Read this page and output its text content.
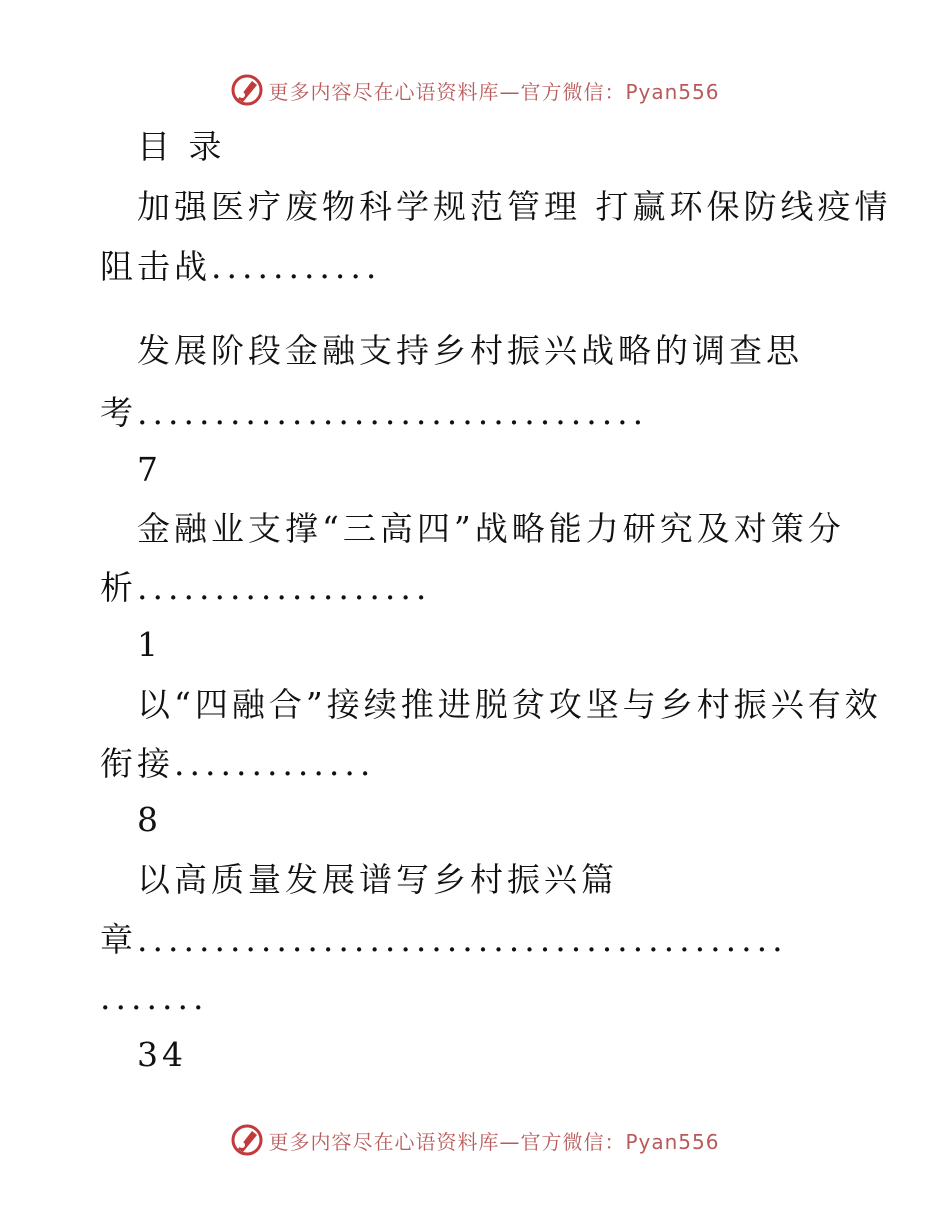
更多内容尽在心语资料库—官方微信：Pyan556
目 录
加强医疗废物科学规范管理 打赢环保防线疫情
阻击战...........
发展阶段金融支持乡村振兴战略的调查思
考.................................
7
金融业支撑“三高四”战略能力研究及对策分
析...................
1
以“四融合”接续推进脱贫攻坚与乡村振兴有效
衔接.............
8
以高质量发展谱写乡村振兴篇
章..........................................
.......
34
更多内容尽在心语资料库—官方微信：Pyan556
